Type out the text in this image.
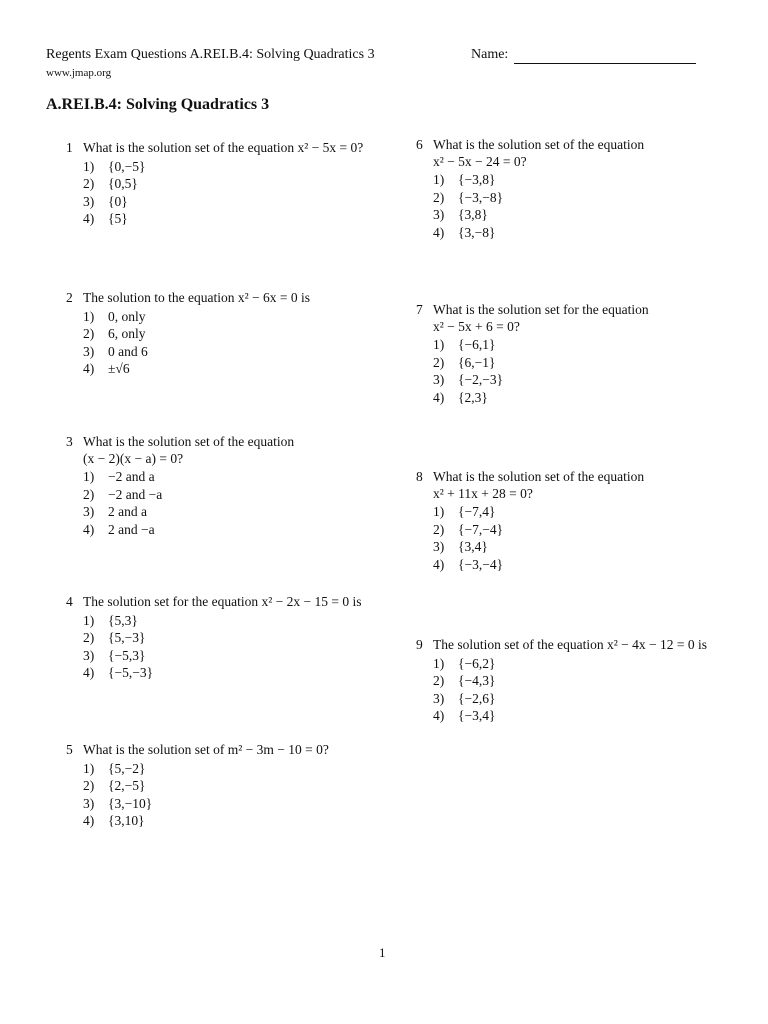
Regents Exam Questions A.REI.B.4: Solving Quadratics 3
www.jmap.org
Name:
A.REI.B.4: Solving Quadratics 3
1 What is the solution set of the equation x² − 5x = 0?
1)	{0,−5}
2)	{0,5}
3)	{0}
4)	{5}
2 The solution to the equation x² − 6x = 0 is
1)	0, only
2)	6, only
3)	0 and 6
4)	±√6
3 What is the solution set of the equation
(x − 2)(x − a) = 0?
1)	−2 and a
2)	−2 and −a
3)	2 and a
4)	2 and −a
4 The solution set for the equation x² − 2x − 15 = 0 is
1)	{5,3}
2)	{5,−3}
3)	{−5,3}
4)	{−5,−3}
5 What is the solution set of m² − 3m − 10 = 0?
1)	{5,−2}
2)	{2,−5}
3)	{3,−10}
4)	{3,10}
6 What is the solution set of the equation
x² − 5x − 24 = 0?
1)	{−3,8}
2)	{−3,−8}
3)	{3,8}
4)	{3,−8}
7 What is the solution set for the equation
x² − 5x + 6 = 0?
1)	{−6,1}
2)	{6,−1}
3)	{−2,−3}
4)	{2,3}
8 What is the solution set of the equation
x² + 11x + 28 = 0?
1)	{−7,4}
2)	{−7,−4}
3)	{3,4}
4)	{−3,−4}
9 The solution set of the equation x² − 4x − 12 = 0 is
1)	{−6,2}
2)	{−4,3}
3)	{−2,6}
4)	{−3,4}
1
